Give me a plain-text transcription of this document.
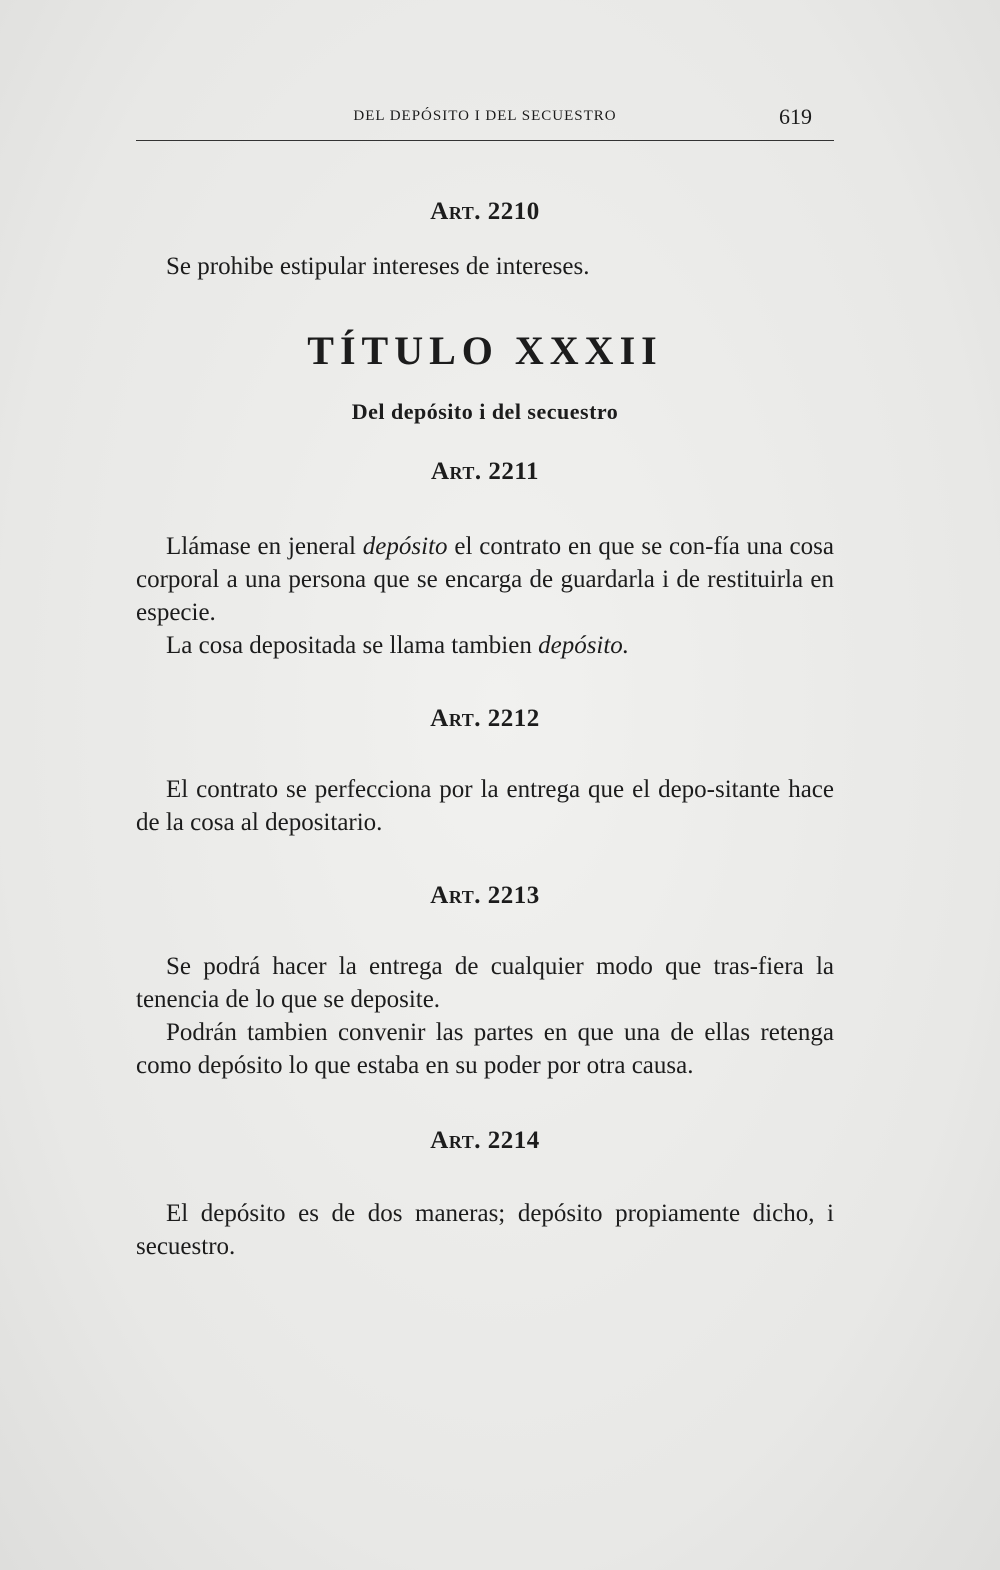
DEL DEPÓSITO I DEL SECUESTRO	619
Art. 2210

Se prohibe estipular intereses de intereses.

TÍTULO XXXII
Del depósito i del secuestro
Art. 2211

Llámase en jeneral depósito el contrato en que se con-fía una cosa corporal a una persona que se encarga de guardarla i de restituirla en especie.

La cosa depositada se llama tambien depósito.

Art. 2212

El contrato se perfecciona por la entrega que el depo-sitante hace de la cosa al depositario.

Art. 2213

Se podrá hacer la entrega de cualquier modo que tras-fiera la tenencia de lo que se deposite.

Podrán tambien convenir las partes en que una de ellas retenga como depósito lo que estaba en su poder por otra causa.

Art. 2214

El depósito es de dos maneras; depósito propiamente dicho, i secuestro.
